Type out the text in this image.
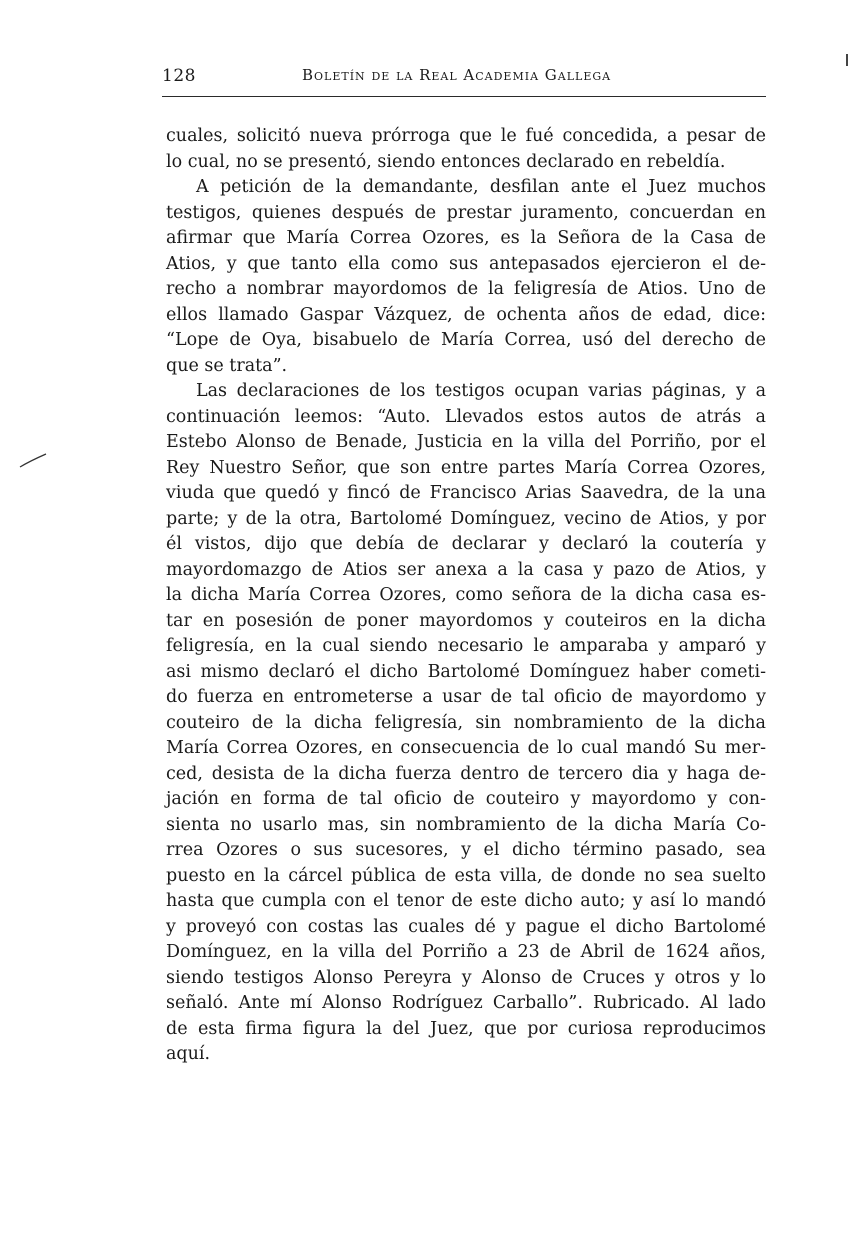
128	Boletín de la Real Academia Gallega

cuales, solicitó nueva prórroga que le fué concedida, a pesar de

lo cual, no se presentó, siendo entonces declarado en rebeldía.

A petición de la demandante, desfilan ante el Juez muchos

testigos, quienes después de prestar juramento, concuerdan en

afirmar que María Correa Ozores, es la Señora de la Casa de

Atios, y que tanto ella como sus antepasados ejercieron el de-

recho a nombrar mayordomos de la feligresía de Atios. Uno de

ellos llamado Gaspar Vázquez, de ochenta años de edad, dice:

“Lope de Oya, bisabuelo de María Correa, usó del derecho de

que se trata”.

Las declaraciones de los testigos ocupan varias páginas, y a

continuación leemos: “Auto. Llevados estos autos de atrás a

Estebo Alonso de Benade, Justicia en la villa del Porriño, por el

Rey Nuestro Señor, que son entre partes María Correa Ozores,

viuda que quedó y fincó de Francisco Arias Saavedra, de la una

parte; y de la otra, Bartolomé Domínguez, vecino de Atios, y por

él vistos, dijo que debía de declarar y declaró la coutería y

mayordomazgo de Atios ser anexa a la casa y pazo de Atios, y

la dicha María Correa Ozores, como señora de la dicha casa es-

tar en posesión de poner mayordomos y couteiros en la dicha

feligresía, en la cual siendo necesario le amparaba y amparó y

asi mismo declaró el dicho Bartolomé Domínguez haber cometi-

do fuerza en entrometerse a usar de tal oficio de mayordomo y

couteiro de la dicha feligresía, sin nombramiento de la dicha

María Correa Ozores, en consecuencia de lo cual mandó Su mer-

ced, desista de la dicha fuerza dentro de tercero dia y haga de-

jación en forma de tal oficio de couteiro y mayordomo y con-

sienta no usarlo mas, sin nombramiento de la dicha María Co-

rrea Ozores o sus sucesores, y el dicho término pasado, sea

puesto en la cárcel pública de esta villa, de donde no sea suelto

hasta que cumpla con el tenor de este dicho auto; y así lo mandó

y proveyó con costas las cuales dé y pague el dicho Bartolomé

Domínguez, en la villa del Porriño a 23 de Abril de 1624 años,

siendo testigos Alonso Pereyra y Alonso de Cruces y otros y lo

señaló. Ante mí Alonso Rodríguez Carballo”. Rubricado. Al lado

de esta firma figura la del Juez, que por curiosa reproducimos

aquí.
